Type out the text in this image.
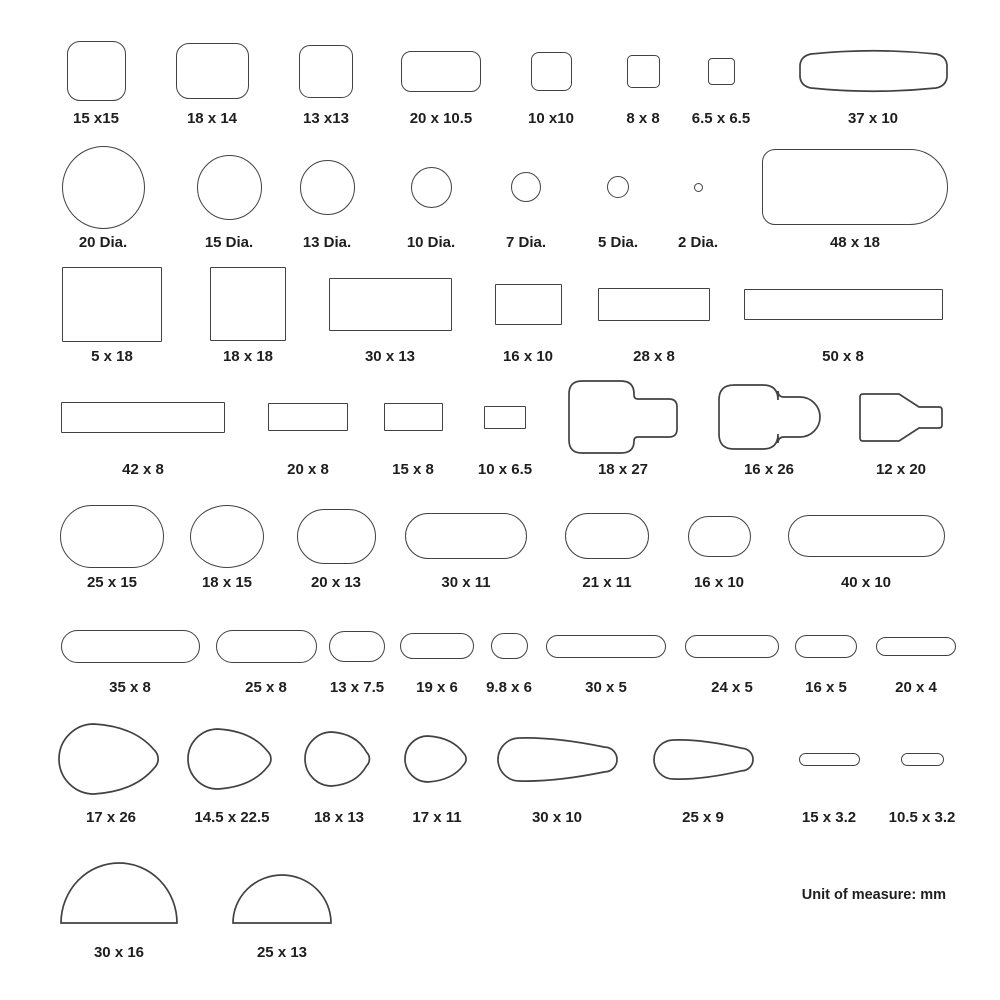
Unit of measure: mm
15 x15	18 x 14	13 x13	20 x 10.5	10 x10	8 x 8	6.5 x 6.5	37 x 10
20 Dia.	15 Dia.	13 Dia.	10 Dia.	7 Dia.	5 Dia.	2 Dia.	48 x 18
5 x 18	18 x 18	30 x 13	16 x 10	28 x 8	50 x 8
42 x 8	20 x 8	15 x 8	10 x 6.5	18 x 27	16 x 26	12 x 20
25 x 15	18 x 15	20 x 13	30 x 11	21 x 11	16 x 10	40 x 10
35 x 8	25 x 8	13 x 7.5	19 x 6	9.8 x 6	30 x 5	24 x 5	16 x 5	20 x 4
17 x 26	14.5 x 22.5	18 x 13	17 x 11	30 x 10	25 x 9	15 x 3.2	10.5 x 3.2
30 x 16	25 x 13
